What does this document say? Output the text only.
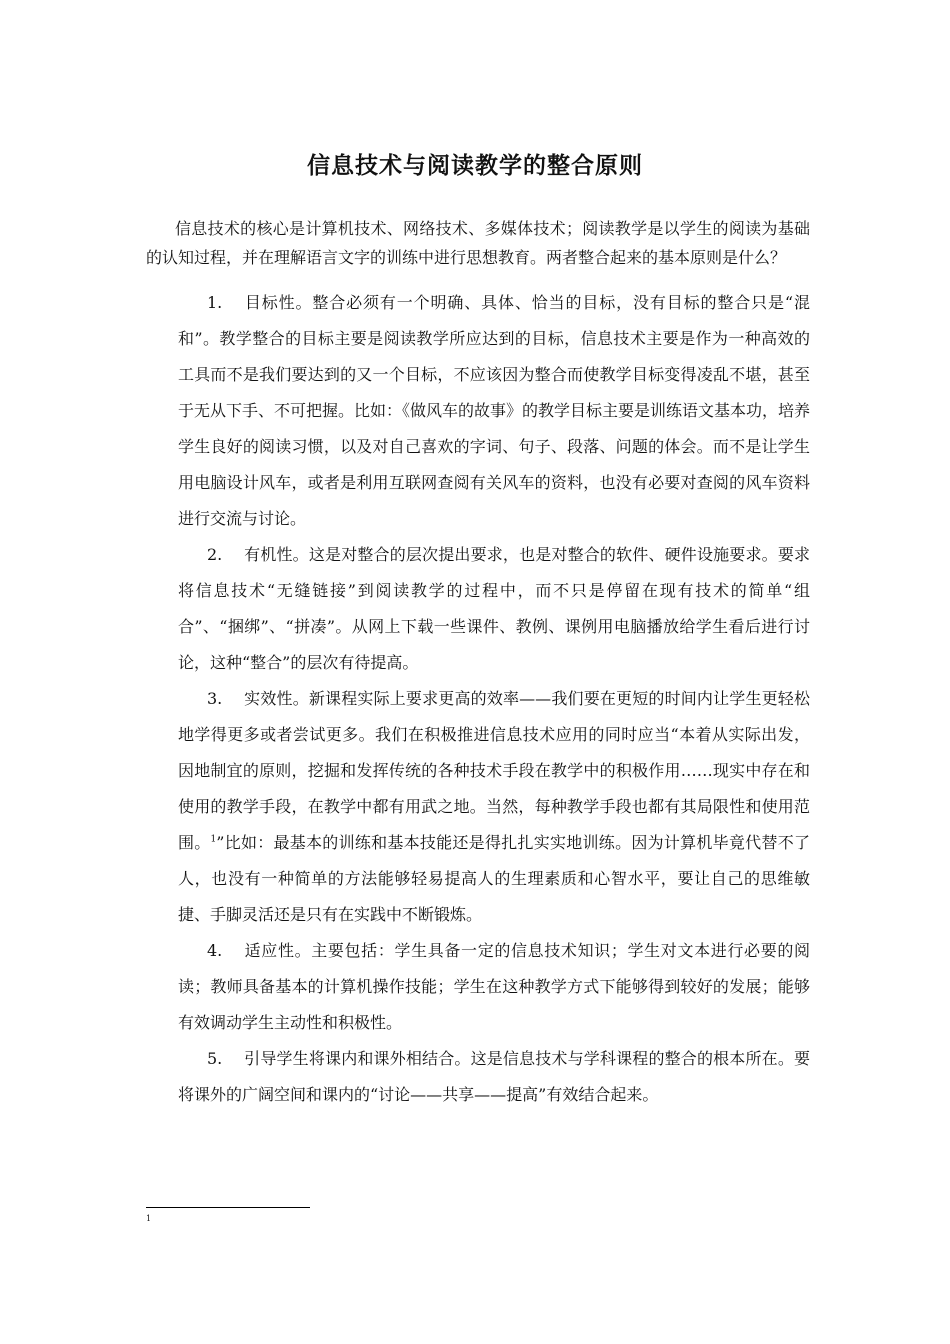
信息技术与阅读教学的整合原则

信息技术的核心是计算机技术、网络技术、多媒体技术；阅读教学是以学生的阅读为基础的认知过程，并在理解语言文字的训练中进行思想教育。两者整合起来的基本原则是什么？

1. 目标性。整合必须有一个明确、具体、恰当的目标，没有目标的整合只是“混和”。教学整合的目标主要是阅读教学所应达到的目标，信息技术主要是作为一种高效的工具而不是我们要达到的又一个目标，不应该因为整合而使教学目标变得凌乱不堪，甚至于无从下手、不可把握。比如：《做风车的故事》的教学目标主要是训练语文基本功，培养学生良好的阅读习惯，以及对自己喜欢的字词、句子、段落、问题的体会。而不是让学生用电脑设计风车，或者是利用互联网查阅有关风车的资料，也没有必要对查阅的风车资料进行交流与讨论。
2. 有机性。这是对整合的层次提出要求，也是对整合的软件、硬件设施要求。要求将信息技术“无缝链接”到阅读教学的过程中，而不只是停留在现有技术的简单“组合”、“捆绑”、“拼凑”。从网上下载一些课件、教例、课例用电脑播放给学生看后进行讨论，这种“整合”的层次有待提高。
3. 实效性。新课程实际上要求更高的效率——我们要在更短的时间内让学生更轻松地学得更多或者尝试更多。我们在积极推进信息技术应用的同时应当“本着从实际出发，因地制宜的原则，挖掘和发挥传统的各种技术手段在教学中的积极作用……现实中存在和使用的教学手段，在教学中都有用武之地。当然，每种教学手段也都有其局限性和使用范围。$^1$”比如：最基本的训练和基本技能还是得扎扎实实地训练。因为计算机毕竟代替不了人，也没有一种简单的方法能够轻易提高人的生理素质和心智水平，要让自己的思维敏捷、手脚灵活还是只有在实践中不断锻炼。
4. 适应性。主要包括：学生具备一定的信息技术知识；学生对文本进行必要的阅读；教师具备基本的计算机操作技能；学生在这种教学方式下能够得到较好的发展；能够有效调动学生主动性和积极性。
5. 引导学生将课内和课外相结合。这是信息技术与学科课程的整合的根本所在。要将课外的广阔空间和课内的“讨论——共享——提高”有效结合起来。
1
